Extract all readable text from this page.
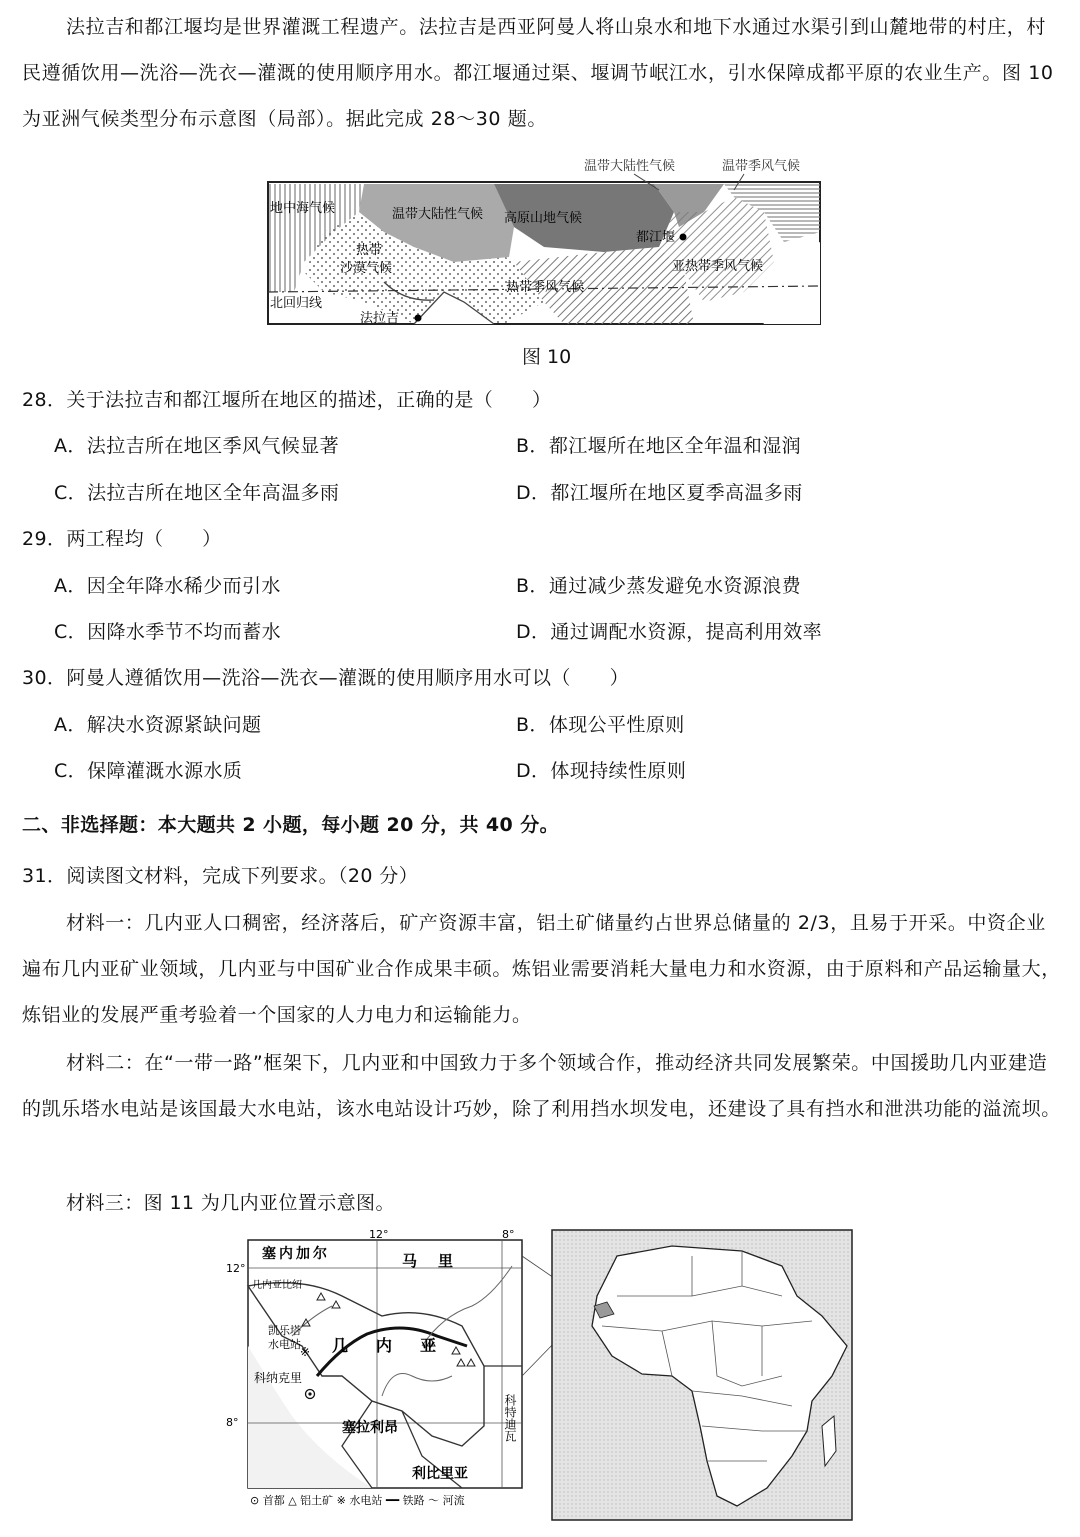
法拉吉和都江堰均是世界灌溉工程遗产。法拉吉是西亚阿曼人将山泉水和地下水通过水渠引到山麓地带的村庄，村民遵循饮用—洗浴—洗衣—灌溉的使用顺序用水。都江堰通过渠、堰调节岷江水，引水保障成都平原的农业生产。图 10 为亚洲气候类型分布示意图（局部）。据此完成 28～30 题。

温带大陆性气候	温带季风气候
地中海气候	温带大陆性气候 高原山地气候
热带
沙漠气候
都江堰
亚热带季风气候
热带季风气候
北回归线
法拉吉
图 10
28．关于法拉吉和都江堰所在地区的描述，正确的是（　　）
A．法拉吉所在地区季风气候显著	B．都江堰所在地区全年温和湿润
C．法拉吉所在地区全年高温多雨	D．都江堰所在地区夏季高温多雨
29．两工程均（　　）
A．因全年降水稀少而引水	B．通过减少蒸发避免水资源浪费
C．因降水季节不均而蓄水	D．通过调配水资源，提高利用效率
30．阿曼人遵循饮用—洗浴—洗衣—灌溉的使用顺序用水可以（　　）
A．解决水资源紧缺问题	B．体现公平性原则
C．保障灌溉水源水质	D．体现持续性原则
二、非选择题：本大题共 2 小题，每小题 20 分，共 40 分。
31．阅读图文材料，完成下列要求。（20 分）

材料一：几内亚人口稠密，经济落后，矿产资源丰富，铝土矿储量约占世界总储量的 2/3，且易于开采。中资企业遍布几内亚矿业领域，几内亚与中国矿业合作成果丰硕。炼铝业需要消耗大量电力和水资源，由于原料和产品运输量大，炼铝业的发展严重考验着一个国家的人力电力和运输能力。

材料二：在“一带一路”框架下，几内亚和中国致力于多个领域合作，推动经济共同发展繁荣。中国援助几内亚建造的凯乐塔水电站是该国最大水电站，该水电站设计巧妙，除了利用挡水坝发电，还建设了具有挡水和泄洪功能的溢流坝。

材料三：图 11 为几内亚位置示意图。
※
12°	8°
12°
8°
塞内加尔	马　里
几内亚比绍
几　内　亚
凯乐塔
水电站
科纳克里
塞拉利昂
利比里亚
科特迪瓦
⊙ 首都 △ 铝土矿 ※ 水电站 ━━ 铁路 ～ 河流
